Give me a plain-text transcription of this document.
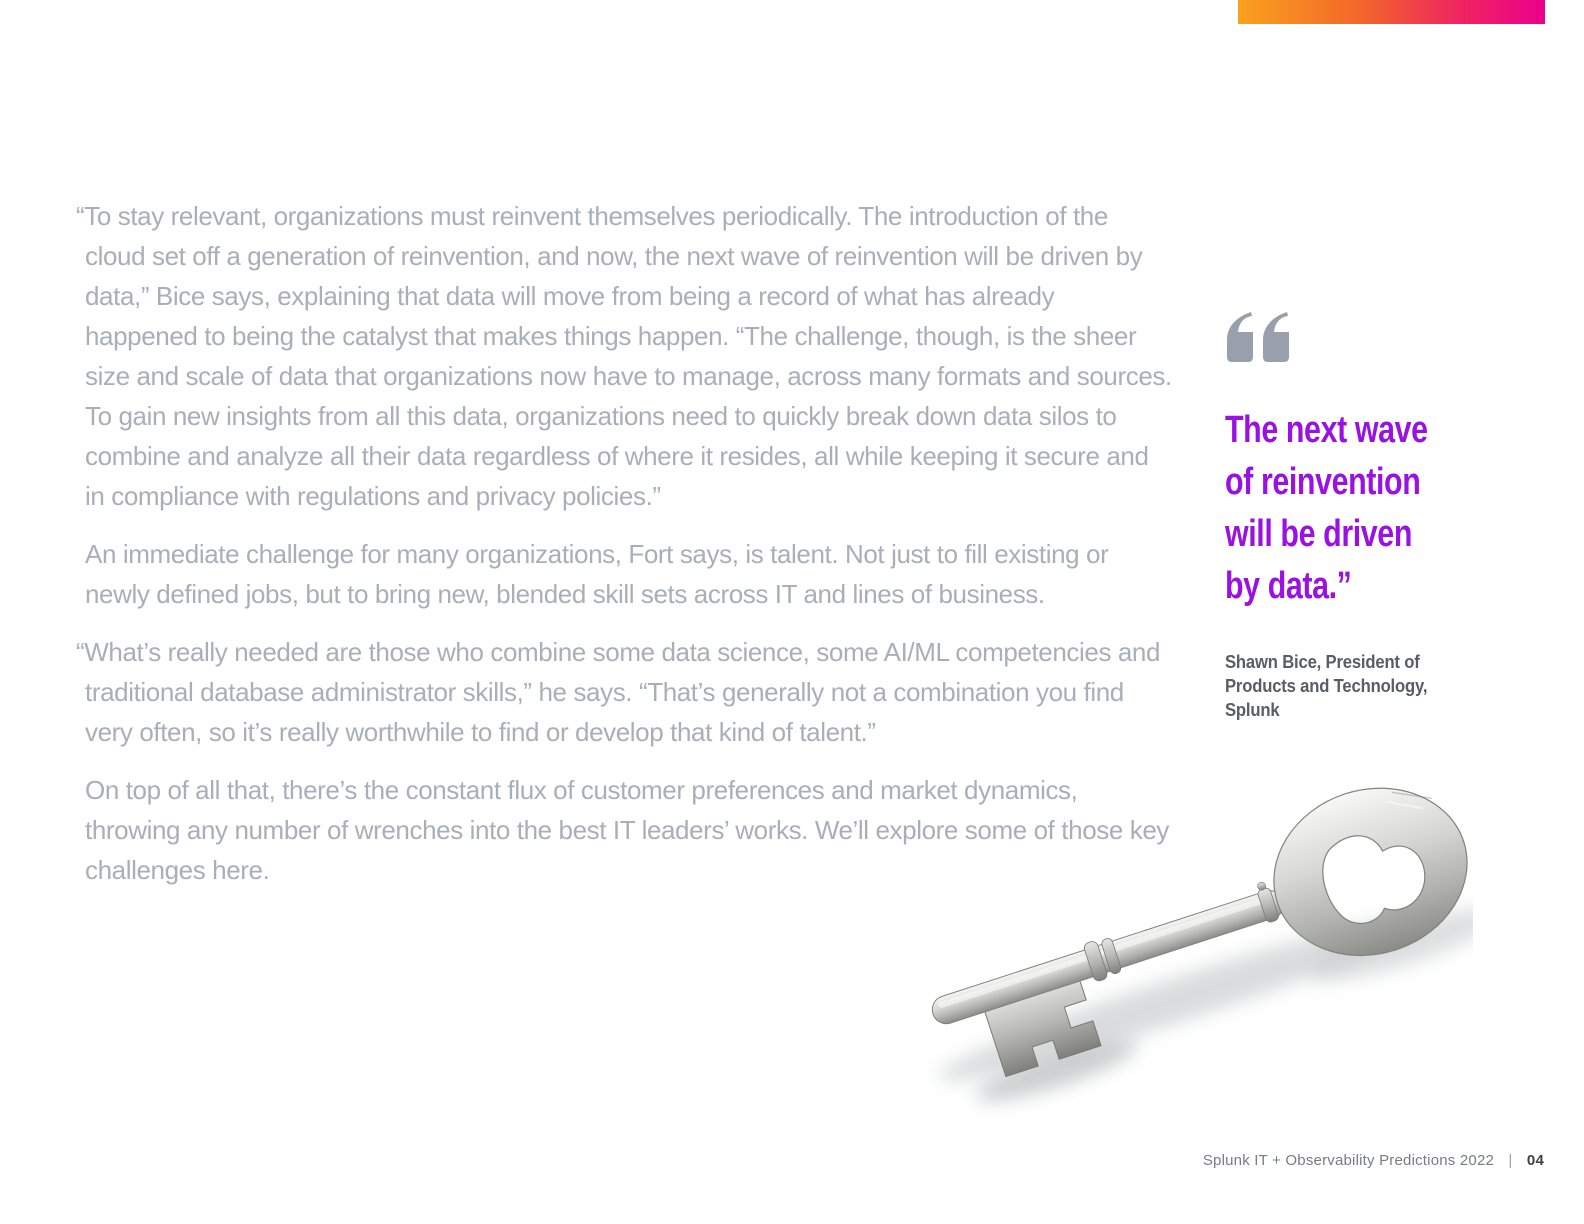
“To stay relevant, organizations must reinvent themselves periodically. The introduction of the cloud set off a generation of reinvention, and now, the next wave of reinvention will be driven by data,” Bice says, explaining that data will move from being a record of what has already happened to being the catalyst that makes things happen. “The challenge, though, is the sheer size and scale of data that organizations now have to manage, across many formats and sources. To gain new insights from all this data, organizations need to quickly break down data silos to combine and analyze all their data regardless of where it resides, all while keeping it secure and in compliance with regulations and privacy policies.”

An immediate challenge for many organizations, Fort says, is talent. Not just to fill existing or newly defined jobs, but to bring new, blended skill sets across IT and lines of business.

“What’s really needed are those who combine some data science, some AI/ML competencies and traditional database administrator skills,” he says. “That’s generally not a combination you find very often, so it’s really worthwhile to find or develop that kind of talent.”

On top of all that, there’s the constant flux of customer preferences and market dynamics, throwing any number of wrenches into the best IT leaders’ works. We’ll explore some of those key challenges here.

The next wave
of reinvention
will be driven
by data.”
Shawn Bice, President of
Products and Technology,
Splunk
Splunk IT + Observability Predictions 2022 | 04
